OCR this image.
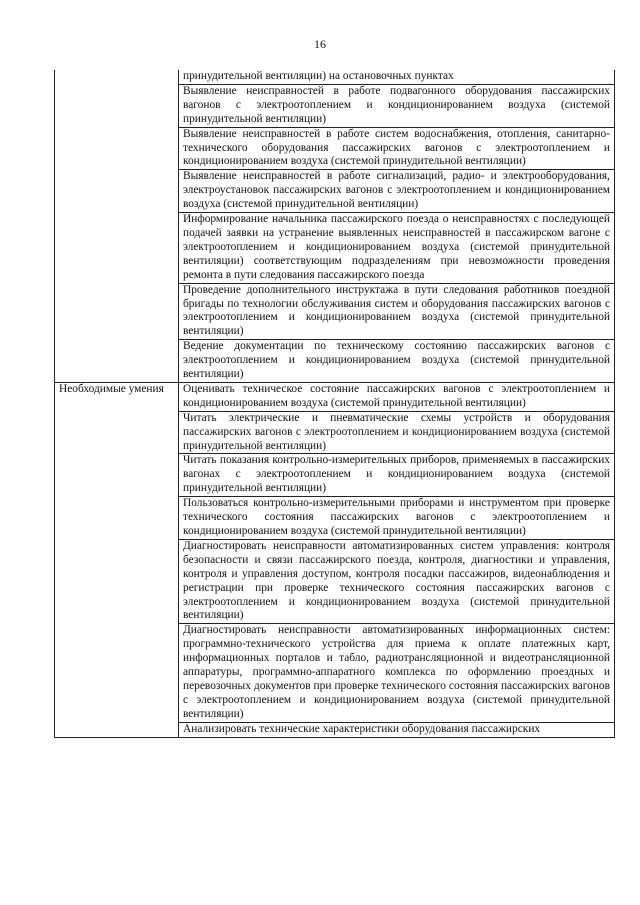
16
	принудительной вентиляции) на остановочных пунктах
	Выявление неисправностей в работе подвагонного оборудования пассажирских вагонов с электроотоплением и кондиционированием воздуха (системой принудительной вентиляции)
	Выявление неисправностей в работе систем водоснабжения, отопления, санитарно-технического оборудования пассажирских вагонов с электроотоплением и кондиционированием воздуха (системой принудительной вентиляции)
	Выявление неисправностей в работе сигнализаций, радио- и электрооборудования, электроустановок пассажирских вагонов с электроотоплением и кондиционированием воздуха (системой принудительной вентиляции)
	Информирование начальника пассажирского поезда о неисправностях с последующей подачей заявки на устранение выявленных неисправностей в пассажирском вагоне с электроотоплением и кондиционированием воздуха (системой принудительной вентиляции) соответствующим подразделениям при невозможности проведения ремонта в пути следования пассажирского поезда
	Проведение дополнительного инструктажа в пути следования работников поездной бригады по технологии обслуживания систем и оборудования пассажирских вагонов с электроотоплением и кондиционированием воздуха (системой принудительной вентиляции)
	Ведение документации по техническому состоянию пассажирских вагонов с электроотоплением и кондиционированием воздуха (системой принудительной вентиляции)
Необходимые умения	Оценивать техническое состояние пассажирских вагонов с электроотоплением и кондиционированием воздуха (системой принудительной вентиляции)
	Читать электрические и пневматические схемы устройств и оборудования пассажирских вагонов с электроотоплением и кондиционированием воздуха (системой принудительной вентиляции)
	Читать показания контрольно-измерительных приборов, применяемых в пассажирских вагонах с электроотоплением и кондиционированием воздуха (системой принудительной вентиляции)
	Пользоваться контрольно-измерительными приборами и инструментом при проверке технического состояния пассажирских вагонов с электроотоплением и кондиционированием воздуха (системой принудительной вентиляции)
	Диагностировать неисправности автоматизированных систем управления: контроля безопасности и связи пассажирского поезда, контроля, диагностики и управления, контроля и управления доступом, контроля посадки пассажиров, видеонаблюдения и регистрации при проверке технического состояния пассажирских вагонов с электроотоплением и кондиционированием воздуха (системой принудительной вентиляции)
	Диагностировать неисправности автоматизированных информационных систем: программно-технического устройства для приема к оплате платежных карт, информационных порталов и табло, радиотрансляционной и видеотрансляционной аппаратуры, программно-аппаратного комплекса по оформлению проездных и перевозочных документов при проверке технического состояния пассажирских вагонов с электроотоплением и кондиционированием воздуха (системой принудительной вентиляции)
	Анализировать технические характеристики оборудования пассажирских
